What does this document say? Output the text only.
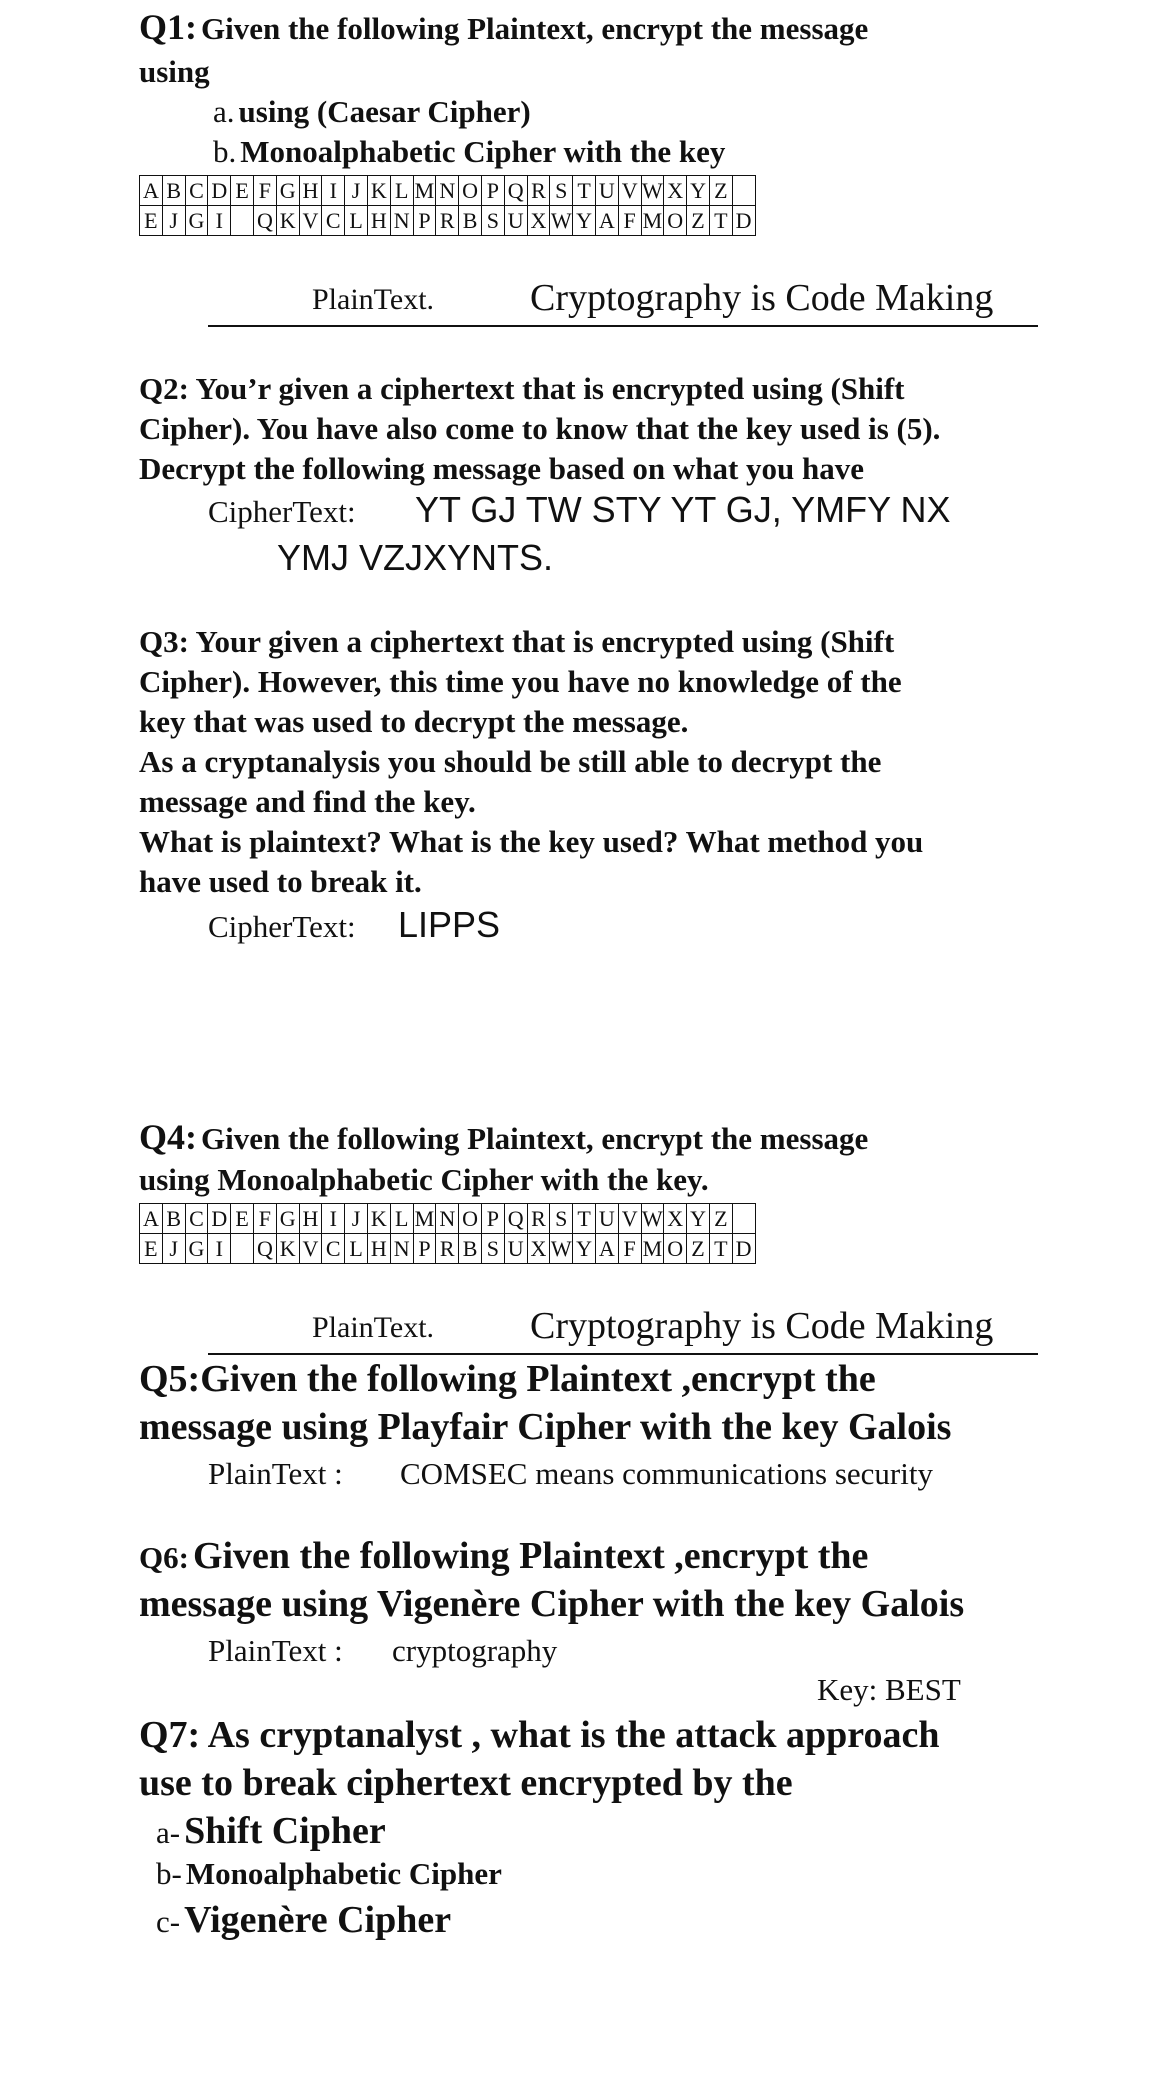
Q1: Given the following Plaintext, encrypt the message
using
a. using (Caesar Cipher)
b. Monoalphabetic Cipher with the key
A	B	C	D	E	F	G	H	I	J	K	L	M	N	O	P	Q	R	S	T	U	V	W	X	Y	Z	
E	J	G	I		Q	K	V	C	L	H	N	P	R	B	S	U	X	W	Y	A	F	M	O	Z	T	D
PlainText.	Cryptography is Code Making
Q2: You’r given a ciphertext that is encrypted using (Shift
Cipher). You have also come to know that the key used is (5).
Decrypt the following message based on what you have
CipherText: YT GJ TW STY YT GJ, YMFY NX
YMJ VZJXYNTS.
Q3: Your given a ciphertext that is encrypted using (Shift
Cipher). However, this time you have no knowledge of the
key that was used to decrypt the message.
As a cryptanalysis you should be still able to decrypt the
message and find the key.
What is plaintext? What is the key used? What method you
have used to break it.
CipherText: LIPPS
Q4: Given the following Plaintext, encrypt the message
using Monoalphabetic Cipher with the key.
A	B	C	D	E	F	G	H	I	J	K	L	M	N	O	P	Q	R	S	T	U	V	W	X	Y	Z	
E	J	G	I		Q	K	V	C	L	H	N	P	R	B	S	U	X	W	Y	A	F	M	O	Z	T	D
PlainText.	Cryptography is Code Making
Q5:Given the following Plaintext ,encrypt the
message using Playfair Cipher with the key Galois
PlainText : COMSEC means communications security
Q6: Given the following Plaintext ,encrypt the
message using Vigenère Cipher with the key Galois
PlainText : cryptography
Key: BEST
Q7: As cryptanalyst , what is the attack approach
use to break ciphertext encrypted by the
a- Shift Cipher
b- Monoalphabetic Cipher
c- Vigenère Cipher
